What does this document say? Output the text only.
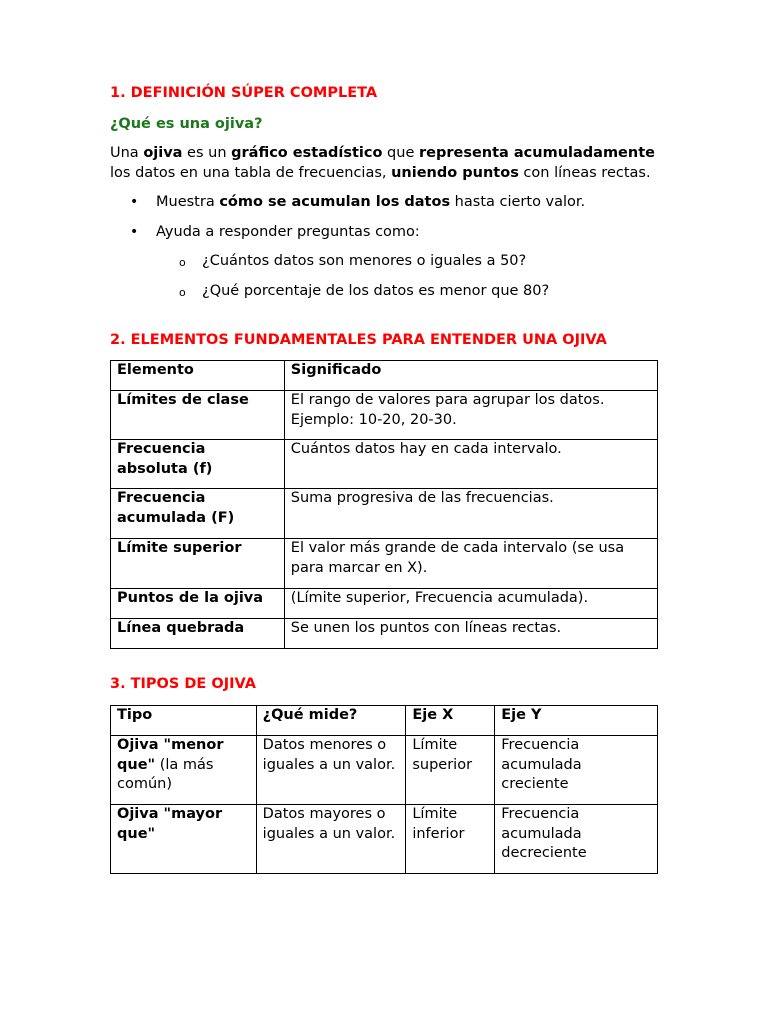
1. DEFINICIÓN SÚPER COMPLETA
¿Qué es una ojiva?

Una ojiva es un gráfico estadístico que representa acumuladamente los datos en una tabla de frecuencias, uniendo puntos con líneas rectas.

• Muestra cómo se acumulan los datos hasta cierto valor.
• Ayuda a responder preguntas como:
o ¿Cuántos datos son menores o iguales a 50?
o ¿Qué porcentaje de los datos es menor que 80?
2. ELEMENTOS FUNDAMENTALES PARA ENTENDER UNA OJIVA
Elemento	Significado
Límites de clase	El rango de valores para agrupar los datos. Ejemplo: 10-20, 20-30.
Frecuencia absoluta (f)	Cuántos datos hay en cada intervalo.
Frecuencia acumulada (F)	Suma progresiva de las frecuencias.
Límite superior	El valor más grande de cada intervalo (se usa para marcar en X).
Puntos de la ojiva	(Límite superior, Frecuencia acumulada).
Línea quebrada	Se unen los puntos con líneas rectas.
3. TIPOS DE OJIVA
Tipo	¿Qué mide?	Eje X	Eje Y
Ojiva "menor que" (la más común)	Datos menores o iguales a un valor.	Límite superior	Frecuencia acumulada creciente
Ojiva "mayor que"	Datos mayores o iguales a un valor.	Límite inferior	Frecuencia acumulada decreciente
